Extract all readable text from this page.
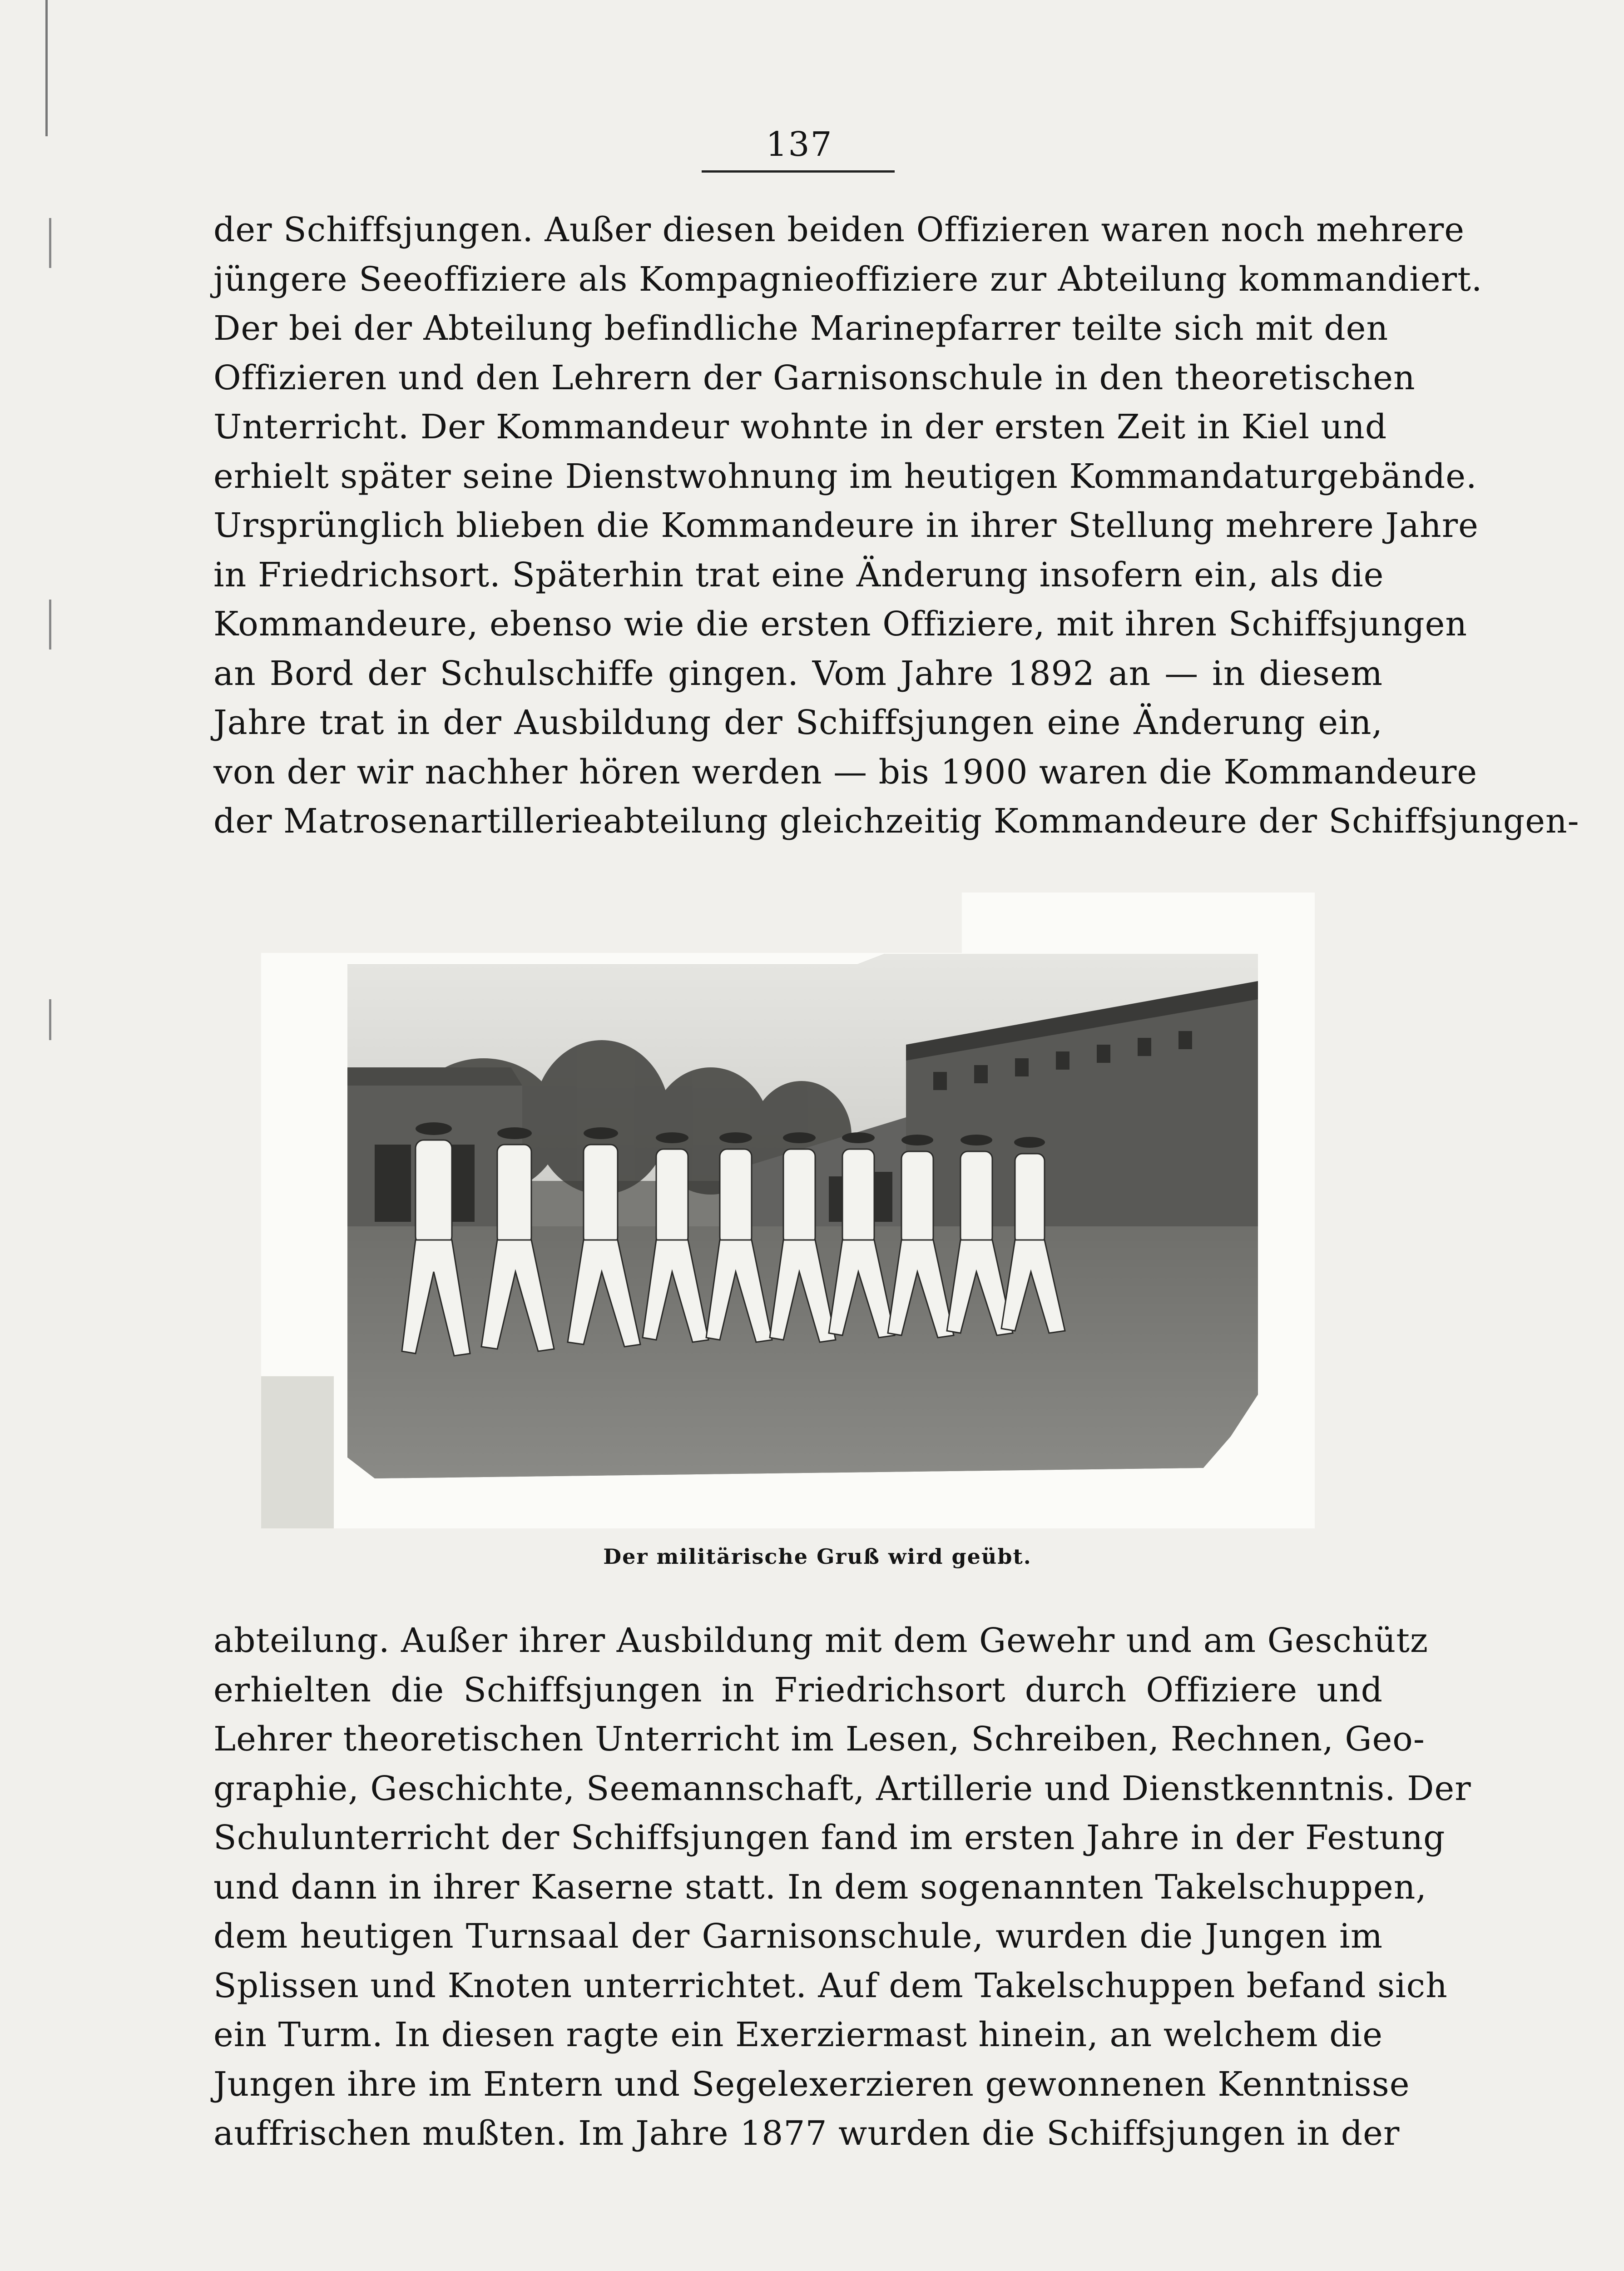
137
der Schiffsjungen. Außer diesen beiden Offizieren waren noch mehrere
jüngere Seeoffiziere als Kompagnieoffiziere zur Abteilung kommandiert.
Der bei der Abteilung befindliche Marinepfarrer teilte sich mit den
Offizieren und den Lehrern der Garnisonschule in den theoretischen
Unterricht. Der Kommandeur wohnte in der ersten Zeit in Kiel und
erhielt später seine Dienstwohnung im heutigen Kommandaturgebände.
Ursprünglich blieben die Kommandeure in ihrer Stellung mehrere Jahre
in Friedrichsort. Späterhin trat eine Änderung insofern ein, als die
Kommandeure, ebenso wie die ersten Offiziere, mit ihren Schiffsjungen
an Bord der Schulschiffe gingen. Vom Jahre 1892 an — in diesem
Jahre trat in der Ausbildung der Schiffsjungen eine Änderung ein,
von der wir nachher hören werden — bis 1900 waren die Kommandeure
der Matrosenartillerieabteilung gleichzeitig Kommandeure der Schiffsjungen-
Der militärische Gruß wird geübt.
abteilung. Außer ihrer Ausbildung mit dem Gewehr und am Geschütz
erhielten die Schiffsjungen in Friedrichsort durch Offiziere und
Lehrer theoretischen Unterricht im Lesen, Schreiben, Rechnen, Geo-
graphie, Geschichte, Seemannschaft, Artillerie und Dienstkenntnis. Der
Schulunterricht der Schiffsjungen fand im ersten Jahre in der Festung
und dann in ihrer Kaserne statt. In dem sogenannten Takelschuppen,
dem heutigen Turnsaal der Garnisonschule, wurden die Jungen im
Splissen und Knoten unterrichtet. Auf dem Takelschuppen befand sich
ein Turm. In diesen ragte ein Exerziermast hinein, an welchem die
Jungen ihre im Entern und Segelexerzieren gewonnenen Kenntnisse
auffrischen mußten. Im Jahre 1877 wurden die Schiffsjungen in der
